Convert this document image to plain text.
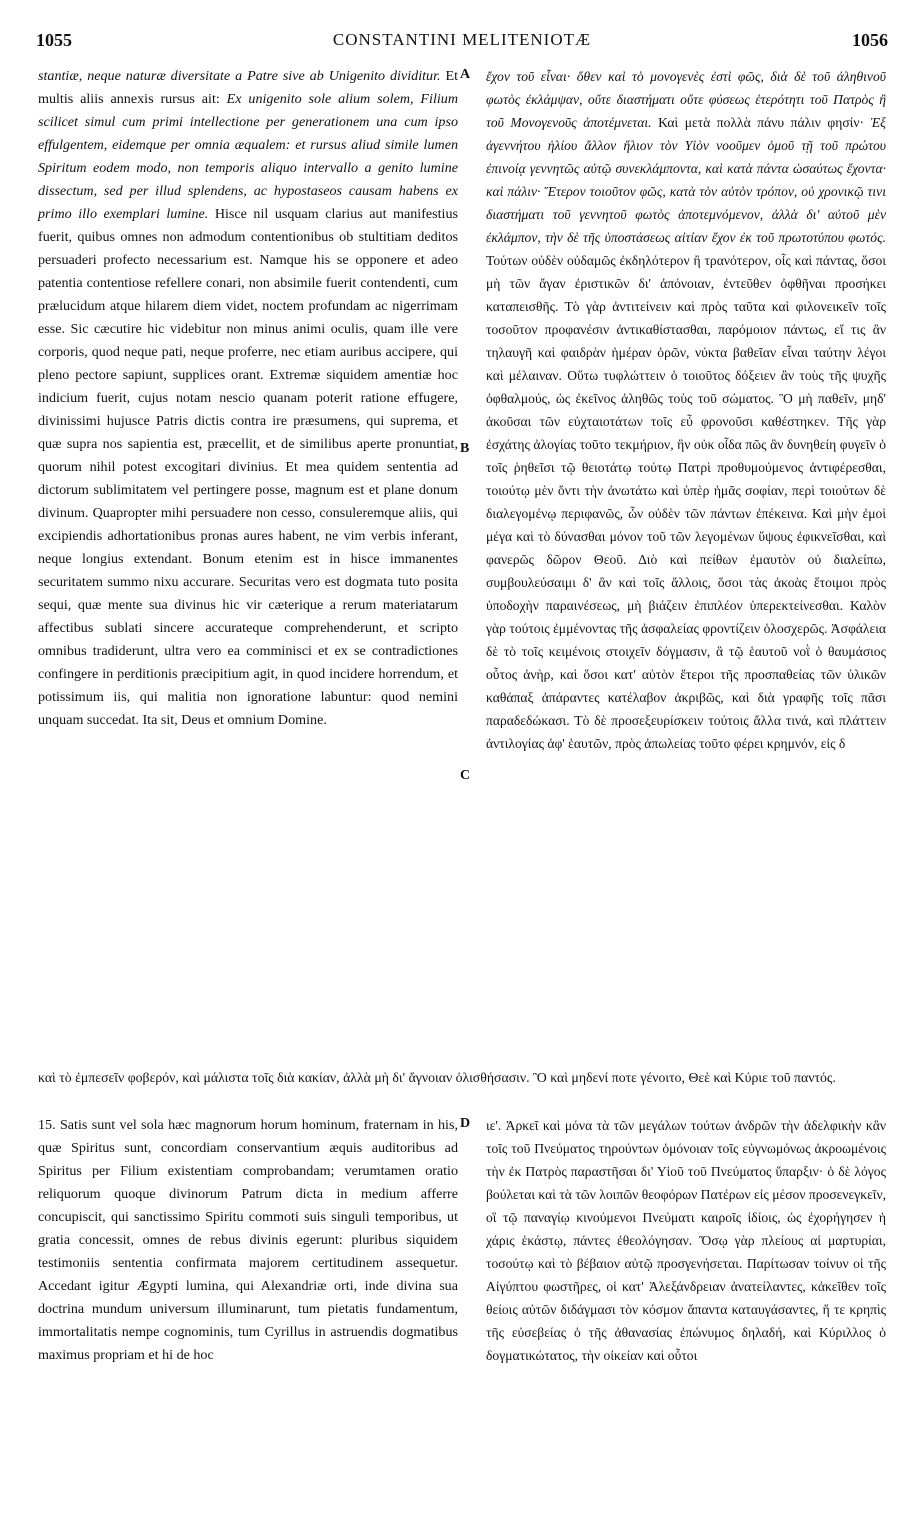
1055	CONSTANTINI MELITENIOTÆ	1056
A
B
C
D

stantiæ, neque naturæ diversitate a Patre sive ab Unigenito dividitur. Et multis aliis annexis rursus ait: Ex unigenito sole alium solem, Filium scilicet simul cum primi intellectione per generationem una cum ipso effulgentem, eidemque per omnia æqualem: et rursus aliud simile lumen Spiritum eodem modo, non temporis aliquo intervallo a genito lumine dissectum, sed per illud splendens, ac hypostaseos causam habens ex primo illo exemplari lumine. Hisce nil usquam clarius aut manifestius fuerit, quibus omnes non admodum contentionibus ob stultitiam deditos persuaderi profecto necessarium est. Namque his se opponere et adeo patentia contentiose refellere conari, non absimile fuerit contendenti, cum prælucidum atque hilarem diem videt, noctem profundam ac nigerrimam esse. Sic cæcutire hic videbitur non minus animi oculis, quam ille vere corporis, quod neque pati, neque proferre, nec etiam auribus accipere, qui pleno pectore sapiunt, supplices orant. Extremæ siquidem amentiæ hoc indicium fuerit, cujus notam nescio quanam poterit ratione effugere, divinissimi hujusce Patris dictis contra ire præsumens, qui suprema, et quæ supra nos sapientia est, præcellit, et de similibus aperte pronuntiat, quorum nihil potest excogitari divinius. Et mea quidem sententia ad dictorum sublimitatem vel pertingere posse, magnum est et plane donum divinum. Quapropter mihi persuadere non cesso, consuleremque aliis, qui excipiendis adhortationibus pronas aures habent, ne vim verbis inferant, neque longius extendant. Bonum etenim est in hisce immanentes securitatem summo nixu accurare. Securitas vero est dogmata tuto posita sequi, quæ mente sua divinus hic vir cæterique a rerum materiatarum affectibus sublati sincere accurateque comprehenderunt, et scripto omnibus tradiderunt, ultra vero ea comminisci et ex se contradictiones confingere in perditionis præcipitium agit, in quod incidere horrendum, et potissimum iis, qui malitia non ignoratione labuntur: quod nemini unquam succedat. Ita sit, Deus et omnium Domine.

ἔχον τοῦ εἶναι· ὅθεν καὶ τὸ μονογενὲς ἐστὶ φῶς, διὰ δὲ τοῦ ἀληθινοῦ φωτὸς ἐκλάμψαν, οὔτε διαστήματι οὔτε φύσεως ἑτερότητι τοῦ Πατρὸς ἢ τοῦ Μονογενοῦς ἀποτέμνεται. Καὶ μετὰ πολλὰ πάνυ πάλιν φησίν· Ἐξ ἀγεννήτου ἡλίου ἄλλον ἥλιον τὸν Υἱὸν νοοῦμεν ὁμοῦ τῇ τοῦ πρώτου ἐπινοίᾳ γεννητῶς αὐτῷ συνεκλάμποντα, καὶ κατὰ πάντα ὡσαύτως ἔχοντα· καὶ πάλιν· Ἕτερον τοιοῦτον φῶς, κατὰ τὸν αὐτὸν τρόπον, οὐ χρονικῷ τινι διαστήματι τοῦ γεννητοῦ φωτὸς ἀποτεμνόμενον, ἀλλὰ δι' αὐτοῦ μὲν ἐκλάμπον, τὴν δὲ τῆς ὑποστάσεως αἰτίαν ἔχον ἐκ τοῦ πρωτοτύπου φωτός. Τούτων οὐδὲν οὐδαμῶς ἐκδηλότερον ἢ τρανότερον, οἷς καὶ πάντας, ὅσοι μὴ τῶν ἄγαν ἐριστικῶν δι' ἀπόνοιαν, ἐντεῦθεν ὀφθῆναι προσήκει καταπεισθῆς. Τὸ γὰρ ἀντιτείνειν καὶ πρὸς ταῦτα καὶ φιλονεικεῖν τοῖς τοσοῦτον προφανέσιν ἀντικαθίστασθαι, παρόμοιον πάντως, εἴ τις ἂν τηλαυγῆ καὶ φαιδρὰν ἡμέραν ὁρῶν, νύκτα βαθεῖαν εἶναι ταύτην λέγοι καὶ μέλαιναν. Οὕτω τυφλώττειν ὁ τοιοῦτος δόξειεν ἂν τοὺς τῆς ψυχῆς ὀφθαλμούς, ὡς ἐκεῖνος ἀληθῶς τοὺς τοῦ σώματος. Ὃ μὴ παθεῖν, μηδ' ἀκοῦσαι τῶν εὐχταιοτάτων τοῖς εὖ φρονοῦσι καθέστηκεν. Τῆς γὰρ ἐσχάτης ἀλογίας τοῦτο τεκμήριον, ἣν οὐκ οἶδα πῶς ἂν δυνηθείη φυγεῖν ὁ τοῖς ῥηθεῖσι τῷ θειοτάτῳ τούτῳ Πατρὶ προθυμούμενος ἀντιφέρεσθαι, τοιούτῳ μὲν ὄντι τὴν ἀνωτάτω καὶ ὑπὲρ ἡμᾶς σοφίαν, περὶ τοιούτων δὲ διαλεγομένῳ περιφανῶς, ὧν οὐδὲν τῶν πάντων ἐπέκεινα. Καὶ μὴν ἐμοὶ μέγα καὶ τὸ δύνασθαι μόνον τοῦ τῶν λεγομένων ὕψους ἐφικνεῖσθαι, καὶ φανερῶς δῶρον Θεοῦ. Διὸ καὶ πείθων ἐμαυτὸν οὐ διαλείπω, συμβουλεύσαιμι δ' ἂν καὶ τοῖς ἄλλοις, ὅσοι τὰς ἀκοὰς ἕτοιμοι πρὸς ὑποδοχὴν παραινέσεως, μὴ βιάζειν ἐπιπλέον ὑπερεκτείνεσθαι. Καλὸν γὰρ τούτοις ἐμμένοντας τῆς ἀσφαλείας φροντίζειν ὁλοσχερῶς. Ἀσφάλεια δὲ τὸ τοῖς κειμένοις στοιχεῖν δόγμασιν, ἃ τῷ ἑαυτοῦ νοῒ ὁ θαυμάσιος οὗτος ἀνὴρ, καὶ ὅσοι κατ' αὐτὸν ἕτεροι τῆς προσπαθείας τῶν ὑλικῶν καθάπαξ ἀπάραντες κατέλαβον ἀκριβῶς, καὶ διὰ γραφῆς τοῖς πᾶσι παραδεδώκασι. Τὸ δὲ προσεξευρίσκειν τούτοις ἄλλα τινά, καὶ πλάττειν ἀντιλογίας ἀφ' ἑαυτῶν, πρὸς ἀπωλείας τοῦτο φέρει κρημνόν, εἰς δ

καὶ τὸ ἐμπεσεῖν φοβερόν, καὶ μάλιστα τοῖς διὰ κακίαν, ἀλλὰ μὴ δι' ἄγνοιαν ὀλισθήσασιν. Ὃ καὶ μηδενί ποτε γένοιτο, Θεὲ καὶ Κύριε τοῦ παντός.

15. Satis sunt vel sola hæc magnorum horum hominum, fraternam in his, quæ Spiritus sunt, concordiam conservantium æquis auditoribus ad Spiritus per Filium existentiam comprobandam; verumtamen oratio reliquorum quoque divinorum Patrum dicta in medium afferre concupiscit, qui sanctissimo Spiritu commoti suis singuli temporibus, ut gratia concessit, omnes de rebus divinis egerunt: pluribus siquidem testimoniis sententia confirmata majorem certitudinem assequetur. Accedant igitur Ægypti lumina, qui Alexandriæ orti, inde divina sua doctrina mundum universum illuminarunt, tum pietatis fundamentum, immortalitatis nempe cognominis, tum Cyrillus in astruendis dogmatibus maximus propriam et hi de hoc

ιε'. Ἀρκεῖ καὶ μόνα τὰ τῶν μεγάλων τούτων ἀνδρῶν τὴν ἀδελφικὴν κἂν τοῖς τοῦ Πνεύματος τηρούντων ὁμόνοιαν τοῖς εὐγνωμόνως ἀκροωμένοις τὴν ἐκ Πατρὸς παραστῆσαι δι' Υἱοῦ τοῦ Πνεύματος ὕπαρξιν· ὁ δὲ λόγος βούλεται καὶ τὰ τῶν λοιπῶν θεοφόρων Πατέρων εἰς μέσον προσενεγκεῖν, οἳ τῷ παναγίῳ κινούμενοι Πνεύματι καιροῖς ἰδίοις, ὡς ἐχορήγησεν ἡ χάρις ἑκάστῳ, πάντες ἐθεολόγησαν. Ὅσῳ γὰρ πλείους αἱ μαρτυρίαι, τοσούτῳ καὶ τὸ βέβαιον αὐτῷ προσγενήσεται. Παρίτωσαν τοίνυν οἱ τῆς Αἰγύπτου φωστῆρες, οἱ κατ' Ἀλεξάνδρειαν ἀνατείλαντες, κἀκεῖθεν τοῖς θείοις αὐτῶν διδάγμασι τὸν κόσμον ἅπαντα καταυγάσαντες, ἥ τε κρηπὶς τῆς εὐσεβείας ὁ τῆς ἀθανασίας ἐπώνυμος δηλαδή, καὶ Κύριλλος ὁ δογματικώτατος, τὴν οἰκείαν καὶ οὗτοι
